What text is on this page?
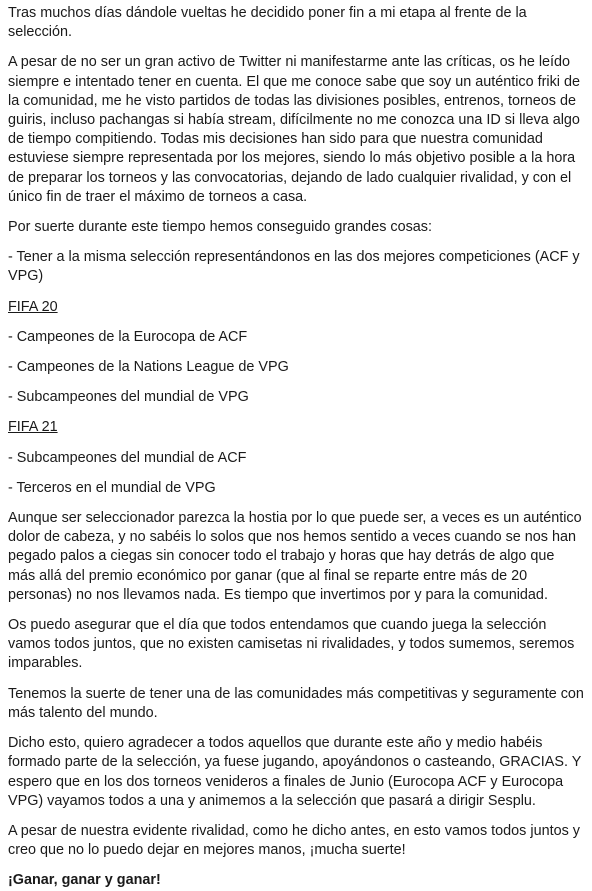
Tras muchos días dándole vueltas he decidido poner fin a mi etapa al frente de la selección.

A pesar de no ser un gran activo de Twitter ni manifestarme ante las críticas, os he leído siempre e intentado tener en cuenta. El que me conoce sabe que soy un auténtico friki de la comunidad, me he visto partidos de todas las divisiones posibles, entrenos, torneos de guiris, incluso pachangas si había stream, difícilmente no me conozca una ID si lleva algo de tiempo compitiendo. Todas mis decisiones han sido para que nuestra comunidad estuviese siempre representada por los mejores, siendo lo más objetivo posible a la hora de preparar los torneos y las convocatorias, dejando de lado cualquier rivalidad, y con el único fin de traer el máximo de torneos a casa.

Por suerte durante este tiempo hemos conseguido grandes cosas:

- Tener a la misma selección representándonos en las dos mejores competiciones (ACF y VPG)

FIFA 20

- Campeones de la Eurocopa de ACF

- Campeones de la Nations League de VPG

- Subcampeones del mundial de VPG

FIFA 21

- Subcampeones del mundial de ACF

- Terceros en el mundial de VPG

Aunque ser seleccionador parezca la hostia por lo que puede ser, a veces es un auténtico dolor de cabeza, y no sabéis lo solos que nos hemos sentido a veces cuando se nos han pegado palos a ciegas sin conocer todo el trabajo y horas que hay detrás de algo que más allá del premio económico por ganar (que al final se reparte entre más de 20 personas) no nos llevamos nada. Es tiempo que invertimos por y para la comunidad.

Os puedo asegurar que el día que todos entendamos que cuando juega la selección vamos todos juntos, que no existen camisetas ni rivalidades, y todos sumemos, seremos imparables.

Tenemos la suerte de tener una de las comunidades más competitivas y seguramente con más talento del mundo.

Dicho esto, quiero agradecer a todos aquellos que durante este año y medio habéis formado parte de la selección, ya fuese jugando, apoyándonos o casteando, GRACIAS. Y espero que en los dos torneos venideros a finales de Junio (Eurocopa ACF y Eurocopa VPG) vayamos todos a una y animemos a la selección que pasará a dirigir Sesplu.

A pesar de nuestra evidente rivalidad, como he dicho antes, en esto vamos todos juntos y creo que no lo puedo dejar en mejores manos, ¡mucha suerte!

¡Ganar, ganar y ganar!
